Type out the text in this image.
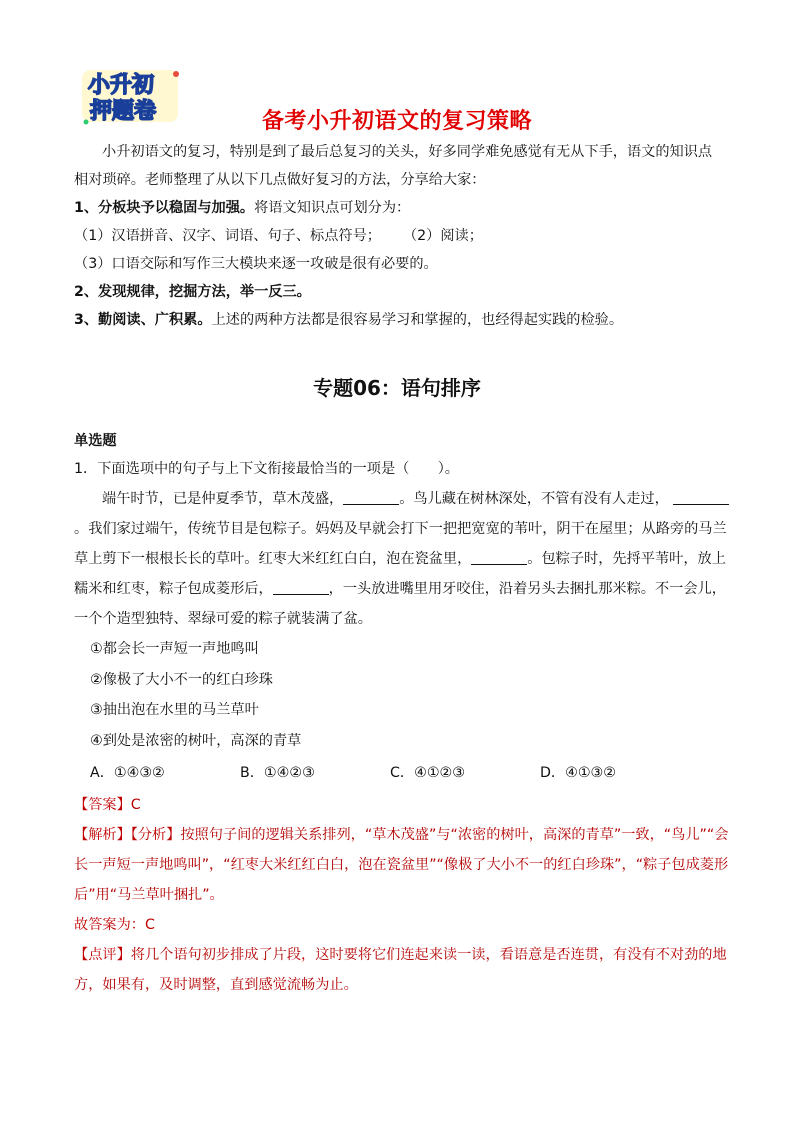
小升初
押题卷	备考小升初语文的复习策略

小升初语文的复习，特别是到了最后总复习的关头，好多同学难免感觉有无从下手，语文的知识点相对琐碎。老师整理了从以下几点做好复习的方法，分享给大家：

1、分板块予以稳固与加强。将语文知识点可划分为：

（1）汉语拼音、汉字、词语、句子、标点符号； （2）阅读；

（3）口语交际和写作三大模块来逐一攻破是很有必要的。

2、发现规律，挖掘方法，举一反三。

3、勤阅读、广积累。上述的两种方法都是很容易学习和掌握的，也经得起实践的检验。

专题06：语句排序

单选题

1．下面选项中的句子与上下文衔接最恰当的一项是（　　）。

端午时节，已是仲夏季节，草木茂盛，	。鸟儿藏在树林深处，不管有没有人走过， 。我们家过端午，传统节目是包粽子。妈妈及早就会打下一把把宽宽的苇叶，阴干在屋里；从路旁的马兰草上剪下一根根长长的草叶。红枣大米红红白白，泡在瓷盆里，	。包粽子时，先捋平苇叶，放上糯米和红枣，粽子包成菱形后，	，一头放进嘴里用牙咬住，沿着另头去捆扎那米粽。不一会儿，一个个造型独特、翠绿可爱的粽子就装满了盆。

①都会长一声短一声地鸣叫
②像极了大小不一的红白珍珠
③抽出泡在水里的马兰草叶
④到处是浓密的树叶，高深的青草
A．①④③②	B．①④②③	C．④①②③	D．④①③②

【答案】C

【解析】【分析】按照句子间的逻辑关系排列，“草木茂盛”与“浓密的树叶，高深的青草”一致，“鸟儿”“会长一声短一声地鸣叫”，“红枣大米红红白白，泡在瓷盆里”“像极了大小不一的红白珍珠”，“粽子包成菱形后”用“马兰草叶捆扎”。

故答案为：C

【点评】将几个语句初步排成了片段，这时要将它们连起来读一读，看语意是否连贯，有没有不对劲的地方，如果有，及时调整，直到感觉流畅为止。
